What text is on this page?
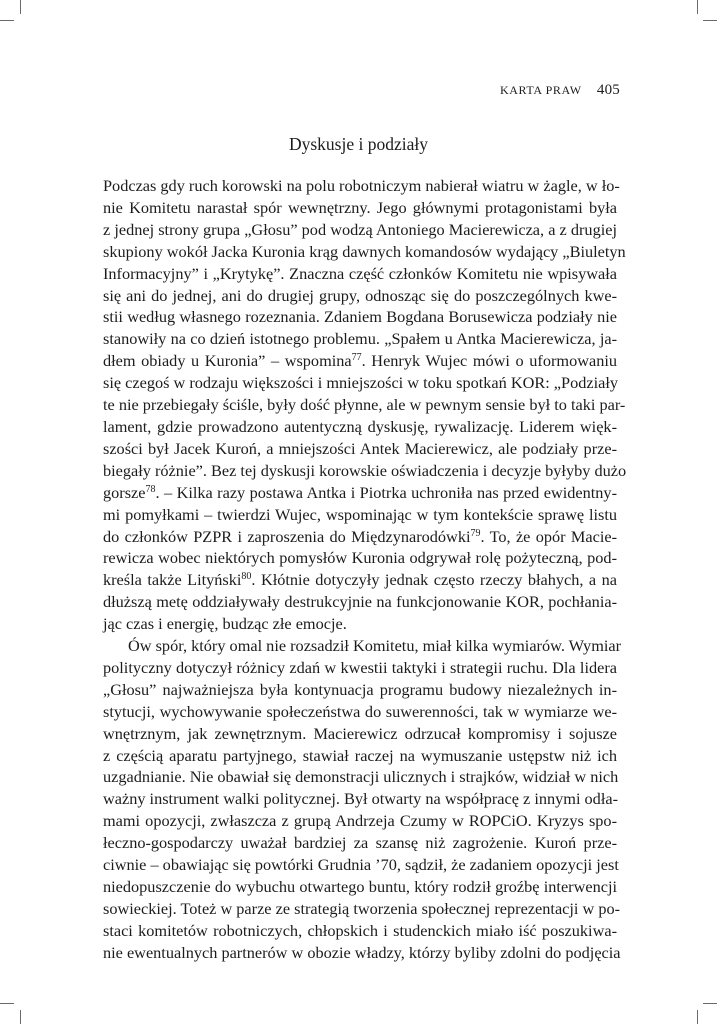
KARTA PRAW 405
Dyskusje i podziały
Podczas gdy ruch korowski na polu robotniczym nabierał wiatru w żagle, w ło-
nie Komitetu narastał spór wewnętrzny. Jego głównymi protagonistami była
z jednej strony grupa „Głosu” pod wodzą Antoniego Macierewicza, a z drugiej
skupiony wokół Jacka Kuronia krąg dawnych komandosów wydający „Biuletyn
Informacyjny” i „Krytykę”. Znaczna część członków Komitetu nie wpisywała
się ani do jednej, ani do drugiej grupy, odnosząc się do poszczególnych kwe-
stii według własnego rozeznania. Zdaniem Bogdana Borusewicza podziały nie
stanowiły na co dzień istotnego problemu. „Spałem u Antka Macierewicza, ja-
dłem obiady u Kuronia” – wspomina$^{77}$. Henryk Wujec mówi o uformowaniu
się czegoś w rodzaju większości i mniejszości w toku spotkań KOR: „Podziały
te nie przebiegały ściśle, były dość płynne, ale w pewnym sensie był to taki par-
lament, gdzie prowadzono autentyczną dyskusję, rywalizację. Liderem więk-
szości był Jacek Kuroń, a mniejszości Antek Macierewicz, ale podziały prze-
biegały różnie”. Bez tej dyskusji korowskie oświadczenia i decyzje byłyby dużo
gorsze$^{78}$. – Kilka razy postawa Antka i Piotrka uchroniła nas przed ewidentny-
mi pomyłkami – twierdzi Wujec, wspominając w tym kontekście sprawę listu
do członków PZPR i zaproszenia do Międzynarodówki$^{79}$. To, że opór Macie-
rewicza wobec niektórych pomysłów Kuronia odgrywał rolę pożyteczną, pod-
kreśla także Lityński$^{80}$. Kłótnie dotyczyły jednak często rzeczy błahych, a na
dłuższą metę oddziaływały destrukcyjnie na funkcjonowanie KOR, pochłania-
jąc czas i energię, budząc złe emocje.
Ów spór, który omal nie rozsadził Komitetu, miał kilka wymiarów. Wymiar
polityczny dotyczył różnicy zdań w kwestii taktyki i strategii ruchu. Dla lidera
„Głosu” najważniejsza była kontynuacja programu budowy niezależnych in-
stytucji, wychowywanie społeczeństwa do suwerenności, tak w wymiarze we-
wnętrznym, jak zewnętrznym. Macierewicz odrzucał kompromisy i sojusze
z częścią aparatu partyjnego, stawiał raczej na wymuszanie ustępstw niż ich
uzgadnianie. Nie obawiał się demonstracji ulicznych i strajków, widział w nich
ważny instrument walki politycznej. Był otwarty na współpracę z innymi odła-
mami opozycji, zwłaszcza z grupą Andrzeja Czumy w ROPCiO. Kryzys spo-
łeczno-gospodarczy uważał bardziej za szansę niż zagrożenie. Kuroń prze-
ciwnie – obawiając się powtórki Grudnia ’70, sądził, że zadaniem opozycji jest
niedopuszczenie do wybuchu otwartego buntu, który rodził groźbę interwencji
sowieckiej. Toteż w parze ze strategią tworzenia społecznej reprezentacji w po-
staci komitetów robotniczych, chłopskich i studenckich miało iść poszukiwa-
nie ewentualnych partnerów w obozie władzy, którzy byliby zdolni do podjęcia
